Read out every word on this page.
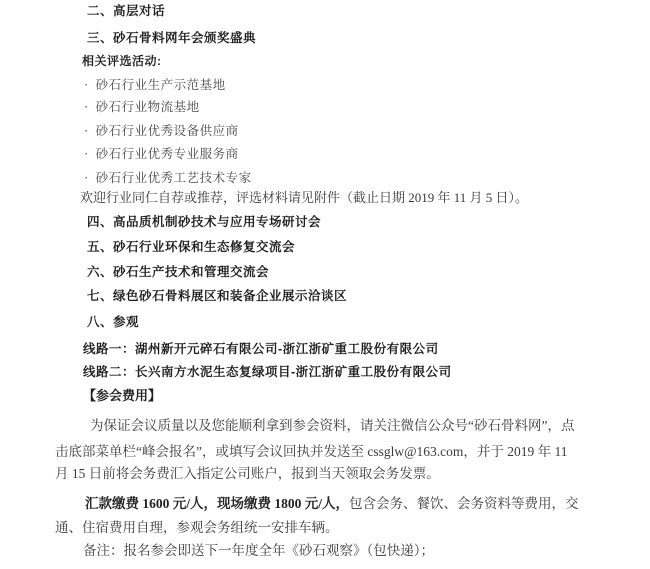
二、高层对话
三、砂石骨料网年会颁奖盛典
相关评选活动:
· 砂石行业生产示范基地
· 砂石行业物流基地
· 砂石行业优秀设备供应商
· 砂石行业优秀专业服务商
· 砂石行业优秀工艺技术专家
欢迎行业同仁自荐或推荐，评选材料请见附件（截止日期 2019 年 11 月 5 日）。
四、高品质机制砂技术与应用专场研讨会
五、砂石行业环保和生态修复交流会
六、砂石生产技术和管理交流会
七、绿色砂石骨料展区和装备企业展示洽谈区
八、参观
线路一：湖州新开元碎石有限公司-浙江浙矿重工股份有限公司
线路二：长兴南方水泥生态复绿项目-浙江浙矿重工股份有限公司
【参会费用】
为保证会议质量以及您能顺利拿到参会资料，请关注微信公众号“砂石骨料网”，点
击底部菜单栏“峰会报名”，或填写会议回执并发送至 cssglw@163.com，并于 2019 年 11
月 15 日前将会务费汇入指定公司账户，报到当天领取会务发票。
汇款缴费 1600 元/人，现场缴费 1800 元/人，包含会务、餐饮、会务资料等费用，交
通、住宿费用自理，参观会务组统一安排车辆。
备注：报名参会即送下一年度全年《砂石观察》（包快递）；
